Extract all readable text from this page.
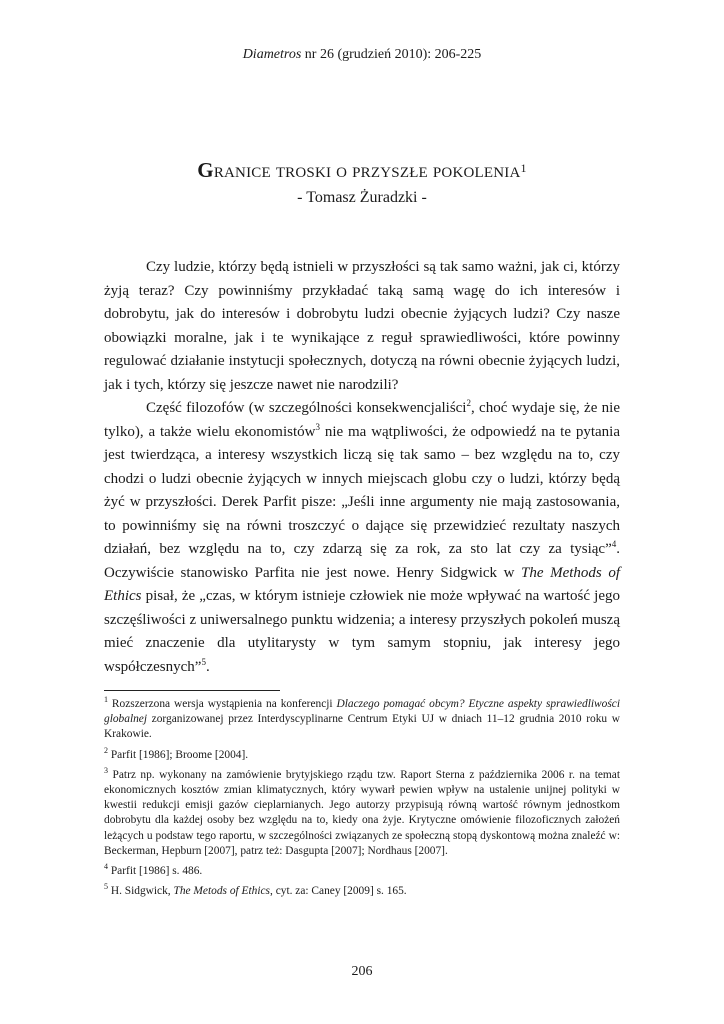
Diametros nr 26 (grudzień 2010): 206-225
Granice troski o przyszłe pokolenia$^1$
- Tomasz Żuradzki -

Czy ludzie, którzy będą istnieli w przyszłości są tak samo ważni, jak ci, którzy żyją teraz? Czy powinniśmy przykładać taką samą wagę do ich interesów i dobrobytu, jak do interesów i dobrobytu ludzi obecnie żyjących ludzi? Czy nasze obowiązki moralne, jak i te wynikające z reguł sprawiedliwości, które powinny regulować działanie instytucji społecznych, dotyczą na równi obecnie żyjących ludzi, jak i tych, którzy się jeszcze nawet nie narodzili?

Część filozofów (w szczególności konsekwencjaliści$^2$, choć wydaje się, że nie tylko), a także wielu ekonomistów$^3$ nie ma wątpliwości, że odpowiedź na te pytania jest twierdząca, a interesy wszystkich liczą się tak samo – bez względu na to, czy chodzi o ludzi obecnie żyjących w innych miejscach globu czy o ludzi, którzy będą żyć w przyszłości. Derek Parfit pisze: „Jeśli inne argumenty nie mają zastosowania, to powinniśmy się na równi troszczyć o dające się przewidzieć rezultaty naszych działań, bez względu na to, czy zdarzą się za rok, za sto lat czy za tysiąc”$^4$. Oczywiście stanowisko Parfita nie jest nowe. Henry Sidgwick w The Methods of Ethics pisał, że „czas, w którym istnieje człowiek nie może wpływać na wartość jego szczęśliwości z uniwersalnego punktu widzenia; a interesy przyszłych pokoleń muszą mieć znaczenie dla utylitarysty w tym samym stopniu, jak interesy jego współczesnych”$^5$.

$^1$ Rozszerzona wersja wystąpienia na konferencji Dlaczego pomagać obcym? Etyczne aspekty sprawiedliwości globalnej zorganizowanej przez Interdyscyplinarne Centrum Etyki UJ w dniach 11–12 grudnia 2010 roku w Krakowie.

$^2$ Parfit [1986]; Broome [2004].

$^3$ Patrz np. wykonany na zamówienie brytyjskiego rządu tzw. Raport Sterna z października 2006 r. na temat ekonomicznych kosztów zmian klimatycznych, który wywarł pewien wpływ na ustalenie unijnej polityki w kwestii redukcji emisji gazów cieplarnianych. Jego autorzy przypisują równą wartość równym jednostkom dobrobytu dla każdej osoby bez względu na to, kiedy ona żyje. Krytyczne omówienie filozoficznych założeń leżących u podstaw tego raportu, w szczególności związanych ze społeczną stopą dyskontową można znaleźć w: Beckerman, Hepburn [2007], patrz też: Dasgupta [2007]; Nordhaus [2007].

$^4$ Parfit [1986] s. 486.

$^5$ H. Sidgwick, The Metods of Ethics, cyt. za: Caney [2009] s. 165.

206
